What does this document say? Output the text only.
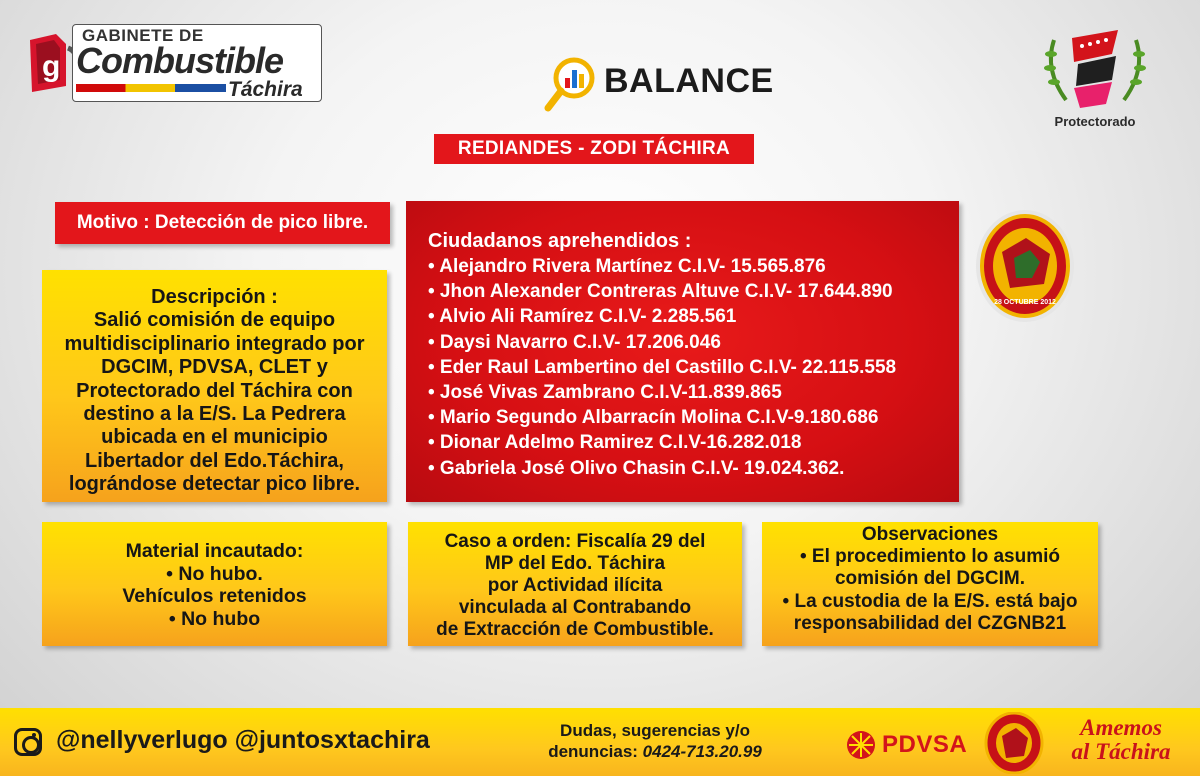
g
GABINETE DE
Combustible
Táchira	BALANCE
Protectorado
REDIANDES - ZODI TÁCHIRA
Motivo : Detección de pico libre.
Descripción :
Salió comisión de equipo multidisciplinario integrado por DGCIM, PDVSA, CLET y Protectorado del Táchira con destino a la E/S. La Pedrera ubicada en el municipio Libertador del Edo.Táchira,
lográndose detectar pico libre.
Ciudadanos aprehendidos :
• Alejandro Rivera Martínez C.I.V- 15.565.876
• Jhon Alexander Contreras Altuve C.I.V- 17.644.890
• Alvio Ali Ramírez C.I.V- 2.285.561
• Daysi Navarro C.I.V- 17.206.046
• Eder Raul Lambertino del Castillo C.I.V- 22.115.558
• José Vivas Zambrano C.I.V-11.839.865
• Mario Segundo Albarracín Molina C.I.V-9.180.686
• Dionar Adelmo Ramirez C.I.V-16.282.018
• Gabriela José Olivo Chasin C.I.V- 19.024.362.
28 OCTUBRE 2012
Material incautado:
• No hubo.
Vehículos retenidos
• No hubo
Caso a orden: Fiscalía 29 del
MP del Edo. Táchira
por Actividad ilícita
vinculada al Contrabando
de Extracción de Combustible.
Observaciones
• El procedimiento lo asumió
comisión del DGCIM.
• La custodia de la E/S. está bajo
responsabilidad del CZGNB21
@nellyverlugo @juntosxtachira	Dudas, sugerencias y/o
denuncias: 0424-713.20.99	PDVSA
Amemos
al Táchira
